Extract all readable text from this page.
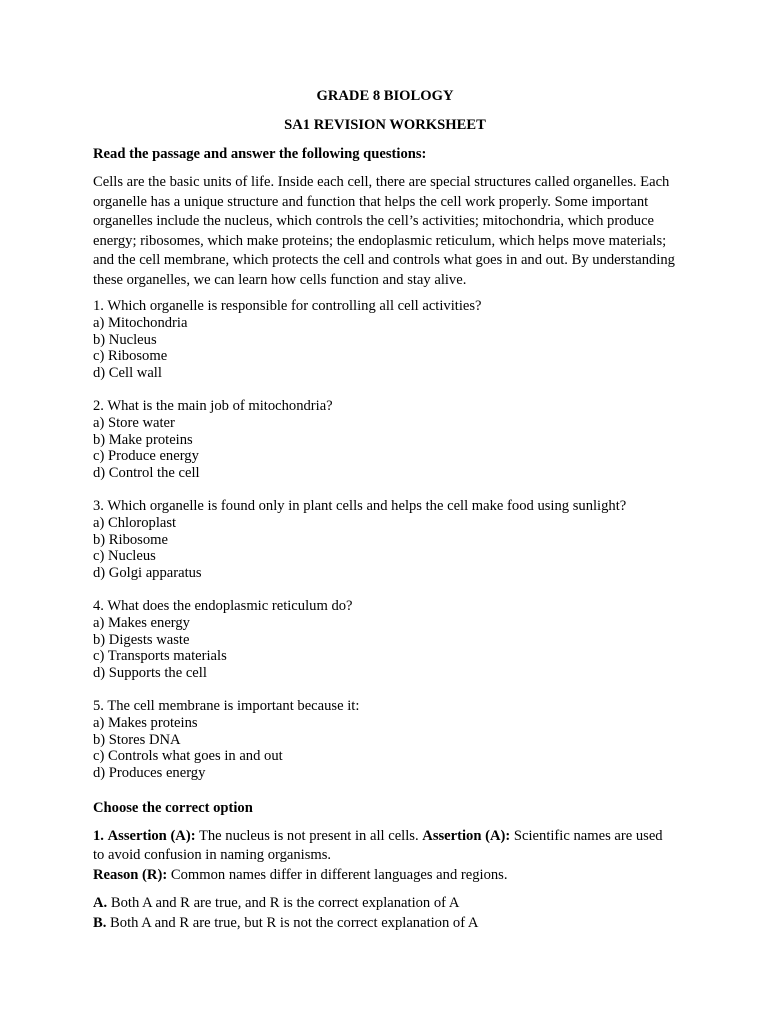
GRADE 8 BIOLOGY

SA1 REVISION WORKSHEET

Read the passage and answer the following questions:

Cells are the basic units of life. Inside each cell, there are special structures called organelles. Each organelle has a unique structure and function that helps the cell work properly. Some important organelles include the nucleus, which controls the cell’s activities; mitochondria, which produce energy; ribosomes, which make proteins; the endoplasmic reticulum, which helps move materials; and the cell membrane, which protects the cell and controls what goes in and out. By understanding these organelles, we can learn how cells function and stay alive.

1. Which organelle is responsible for controlling all cell activities?
a) Mitochondria
b) Nucleus
c) Ribosome
d) Cell wall
2. What is the main job of mitochondria?
a) Store water
b) Make proteins
c) Produce energy
d) Control the cell
3. Which organelle is found only in plant cells and helps the cell make food using sunlight?
a) Chloroplast
b) Ribosome
c) Nucleus
d) Golgi apparatus
4. What does the endoplasmic reticulum do?
a) Makes energy
b) Digests waste
c) Transports materials
d) Supports the cell
5. The cell membrane is important because it:
a) Makes proteins
b) Stores DNA
c) Controls what goes in and out
d) Produces energy

Choose the correct option

1. Assertion (A): The nucleus is not present in all cells. Assertion (A): Scientific names are used to avoid confusion in naming organisms.
Reason (R): Common names differ in different languages and regions.

A. Both A and R are true, and R is the correct explanation of A
B. Both A and R are true, but R is not the correct explanation of A
